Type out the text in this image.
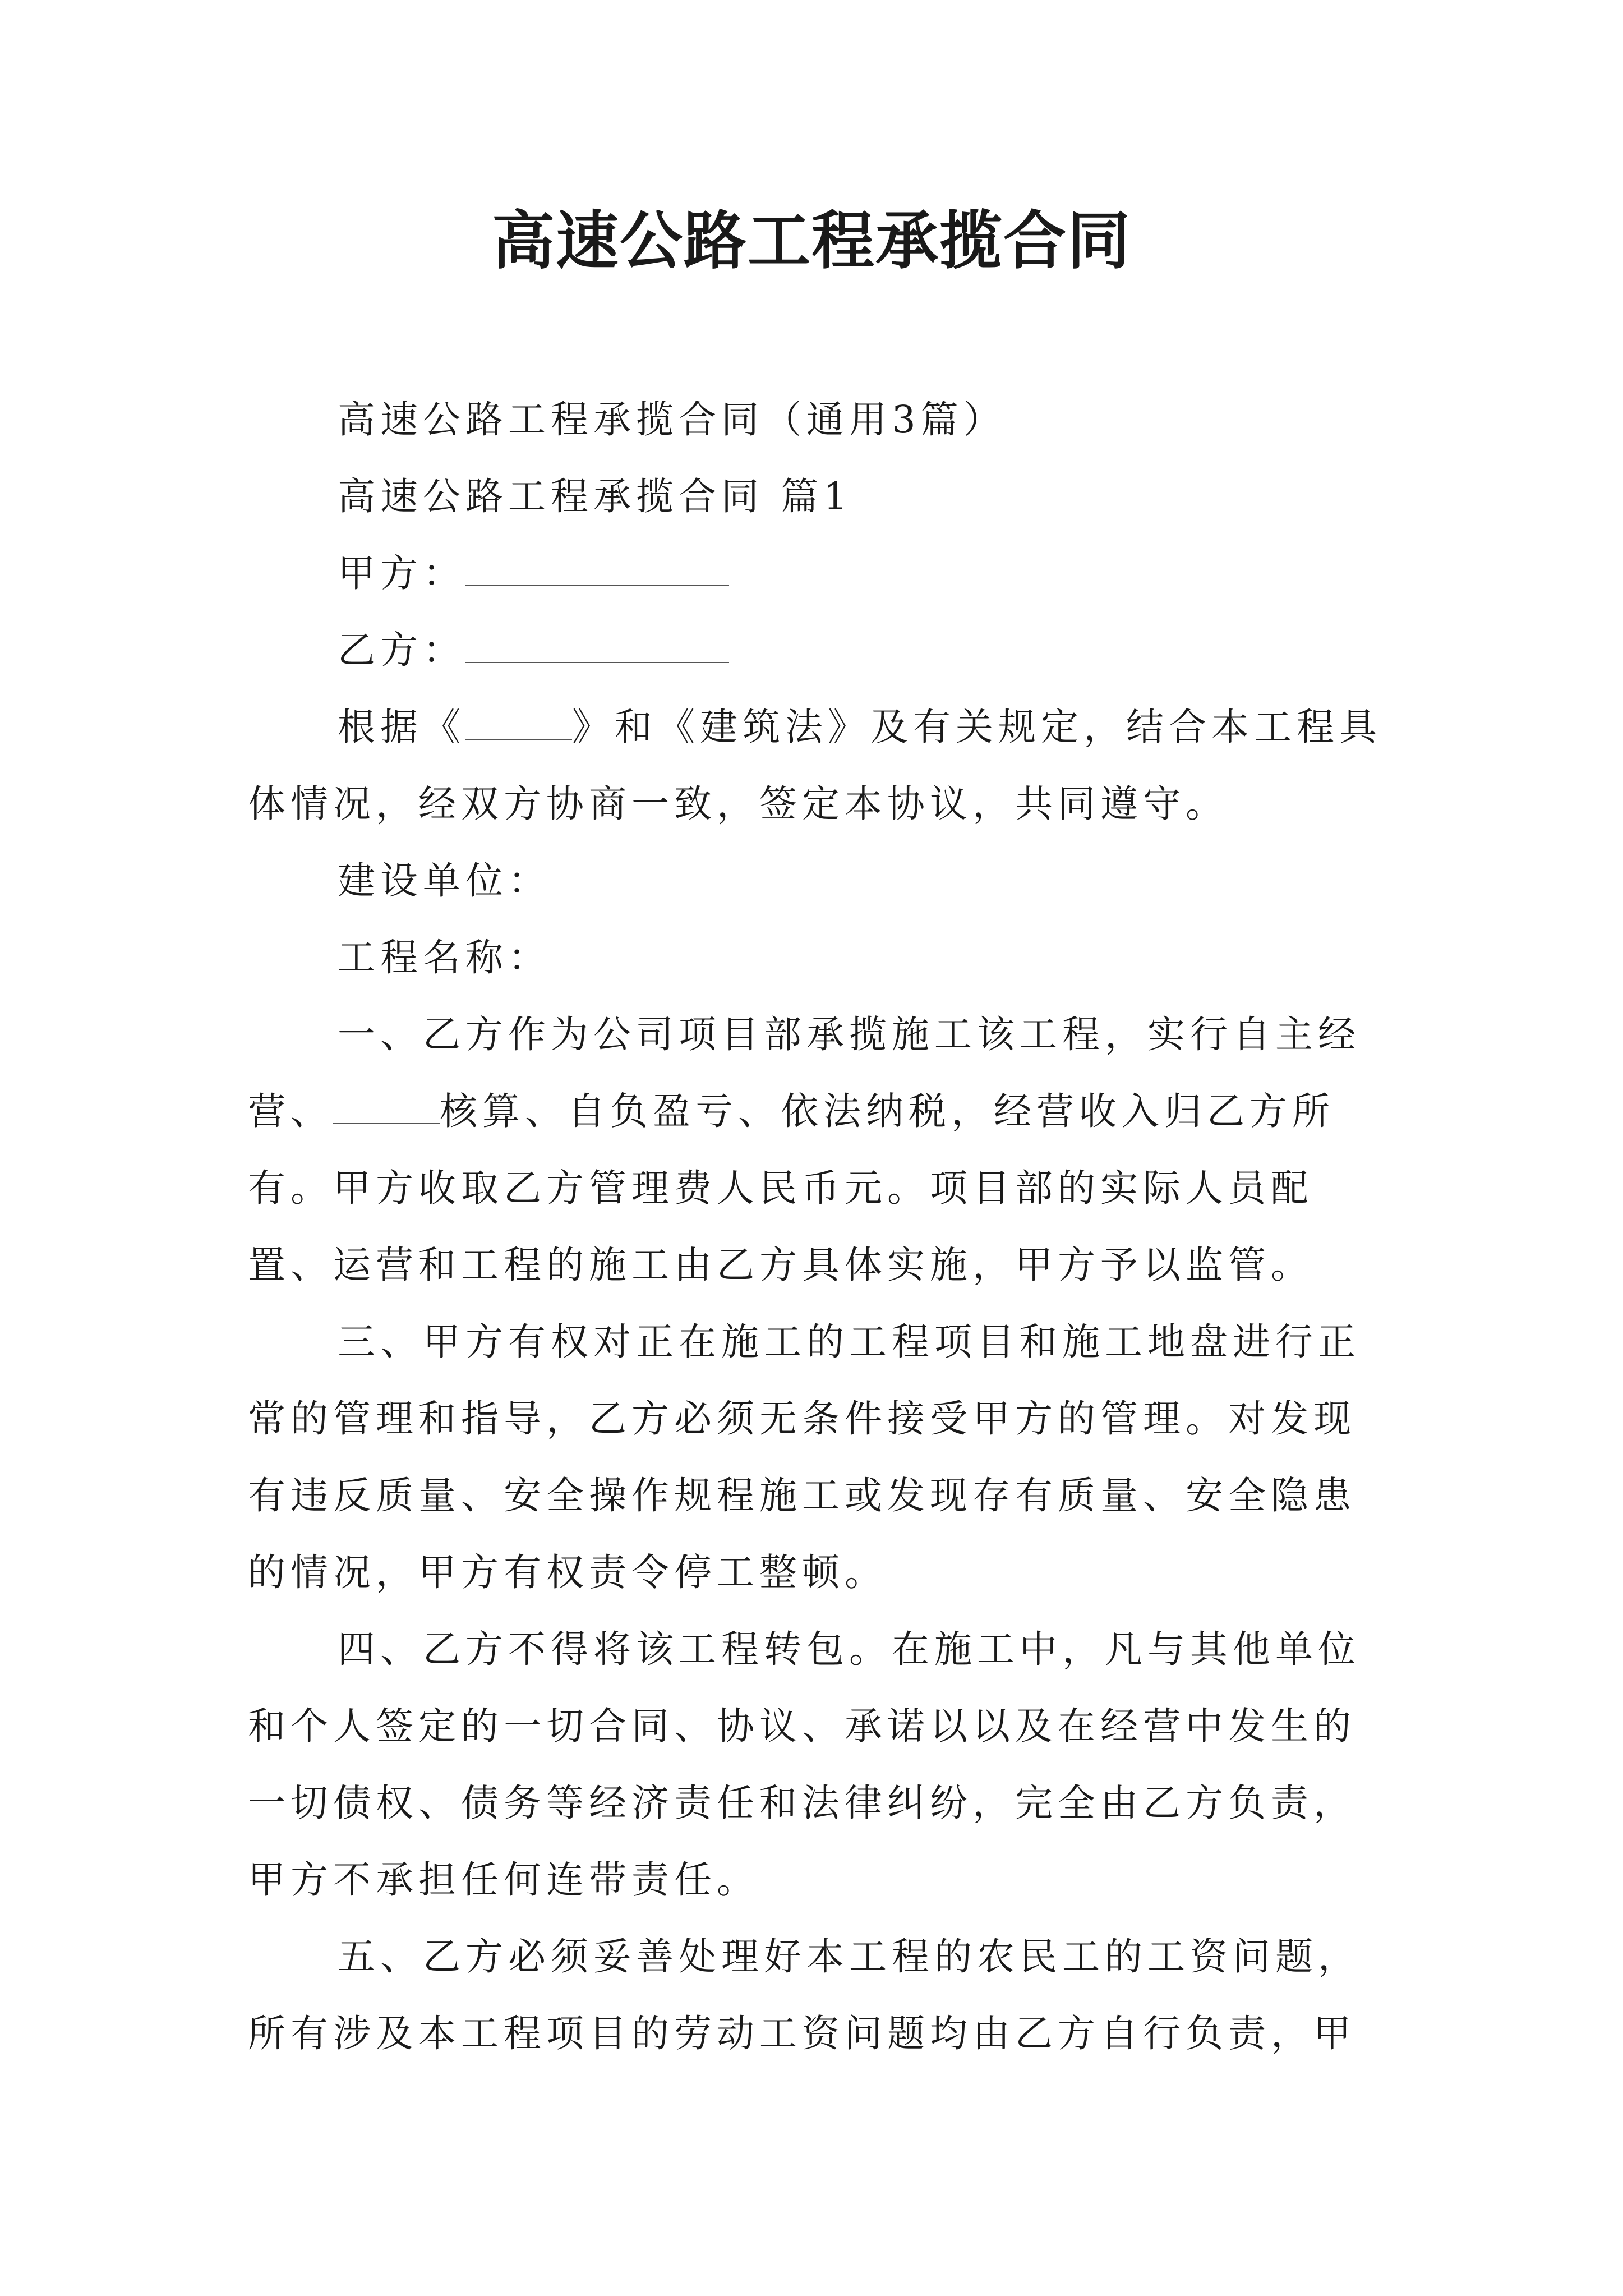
高速公路工程承揽合同

高速公路工程承揽合同（通用3篇）

高速公路工程承揽合同 篇1

甲方：

乙方：

根据《	》和《建筑法》及有关规定，结合本工程具体情况，经双方协商一致，签定本协议，共同遵守。

建设单位：

工程名称：

一、乙方作为公司项目部承揽施工该工程，实行自主经营、	核算、自负盈亏、依法纳税，经营收入归乙方所有。甲方收取乙方管理费人民币元。项目部的实际人员配置、运营和工程的施工由乙方具体实施，甲方予以监管。

三、甲方有权对正在施工的工程项目和施工地盘进行正常的管理和指导，乙方必须无条件接受甲方的管理。对发现有违反质量、安全操作规程施工或发现存有质量、安全隐患的情况，甲方有权责令停工整顿。

四、乙方不得将该工程转包。在施工中，凡与其他单位和个人签定的一切合同、协议、承诺以以及在经营中发生的一切债权、债务等经济责任和法律纠纷，完全由乙方负责，甲方不承担任何连带责任。

五、乙方必须妥善处理好本工程的农民工的工资问题，所有涉及本工程项目的劳动工资问题均由乙方自行负责，甲
